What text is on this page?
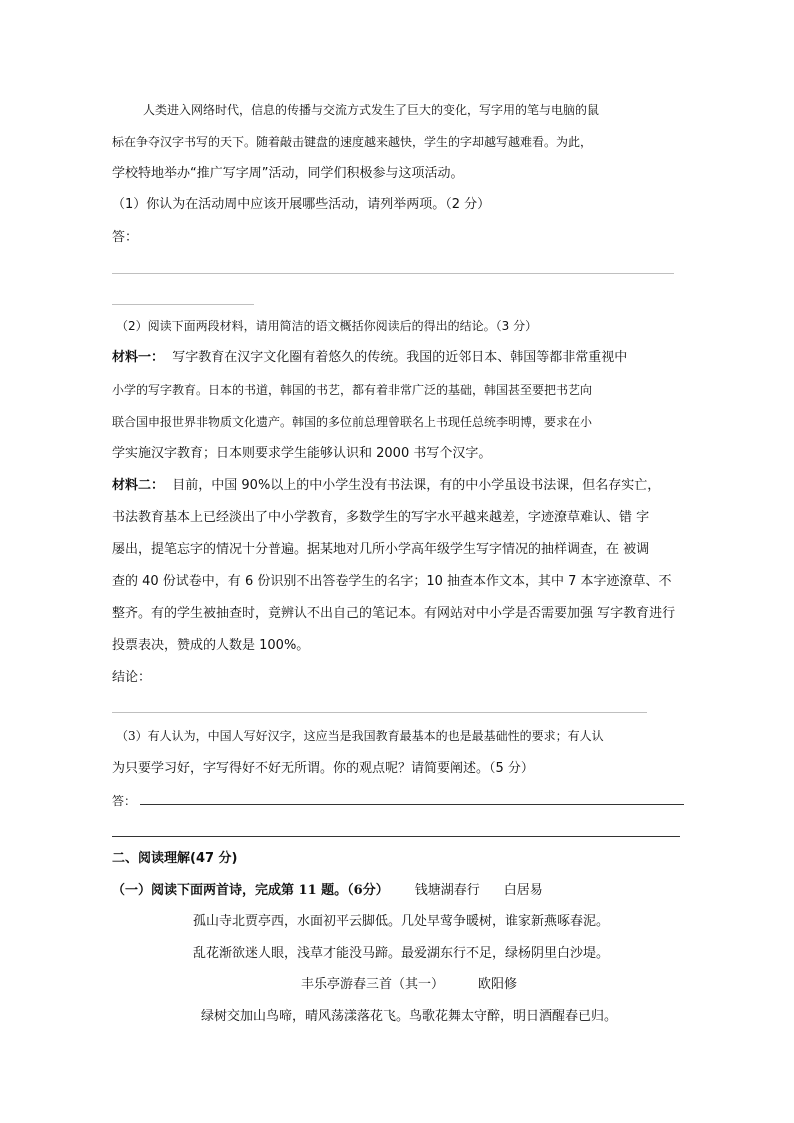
人类进入网络时代，信息的传播与交流方式发生了巨大的变化，写字用的笔与电脑的鼠
标在争夺汉字书写的天下。随着敲击键盘的速度越来越快，学生的字却越写越难看。为此，
学校特地举办“推广写字周”活动，同学们积极参与这项活动。
（1）你认为在活动周中应该开展哪些活动，请列举两项。（2 分）
答：
（2）阅读下面两段材料，请用简洁的语文概括你阅读后的得出的结论。（3 分）
材料一： 写字教育在汉字文化圈有着悠久的传统。我国的近邻日本、韩国等都非常重视中
小学的写字教育。日本的书道，韩国的书艺，都有着非常广泛的基础，韩国甚至要把书艺向
联合国申报世界非物质文化遗产。韩国的多位前总理曾联名上书现任总统李明博，要求在小
学实施汉字教育；日本则要求学生能够认识和 2000 书写个汉字。
材料二： 目前，中国 90%以上的中小学生没有书法课，有的中小学虽设书法课，但名存实亡，
书法教育基本上已经淡出了中小学教育，多数学生的写字水平越来越差，字迹潦草难认、错 字
屡出，提笔忘字的情况十分普遍。据某地对几所小学高年级学生写字情况的抽样调查，在 被调
查的 40 份试卷中，有 6 份识别不出答卷学生的名字；10 抽查本作文本，其中 7 本字迹潦草、不
整齐。有的学生被抽查时，竟辨认不出自己的笔记本。有网站对中小学是否需要加强 写字教育进行
投票表决，赞成的人数是 100%。
结论：
（3）有人认为，中国人写好汉字，这应当是我国教育最基本的也是最基础性的要求；有人认
为只要学习好，字写得好不好无所谓。你的观点呢？请简要阐述。（5 分）
答：
二、阅读理解(47 分)
（一）阅读下面两首诗，完成第 11 题。（6分） 钱塘湖春行 白居易
孤山寺北贾亭西，水面初平云脚低。几处早莺争暖树，谁家新燕啄春泥。
乱花渐欲迷人眼，浅草才能没马蹄。最爱湖东行不足，绿杨阴里白沙堤。
丰乐亭游春三首（其一）	欧阳修
绿树交加山鸟啼，晴风荡漾落花飞。鸟歌花舞太守醉，明日酒醒春已归。
